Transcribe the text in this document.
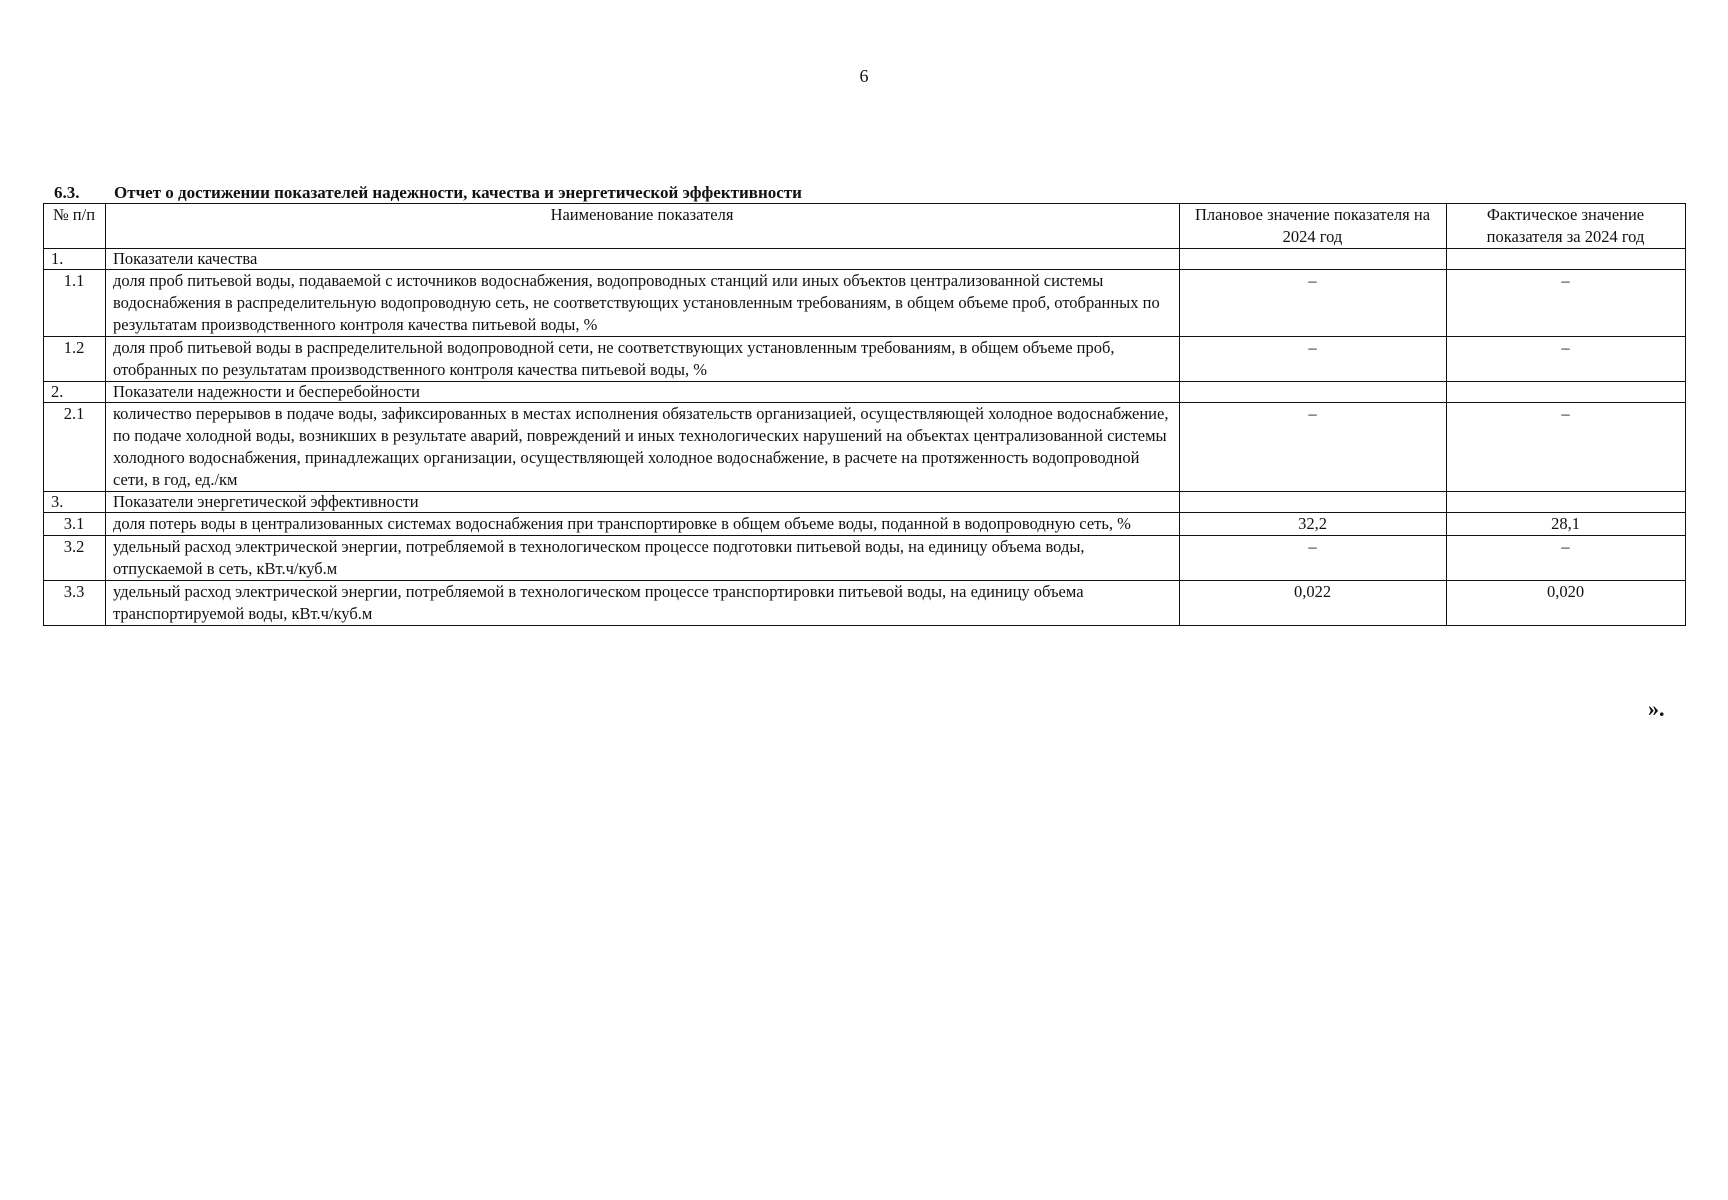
6
6.3. Отчет о достижении показателей надежности, качества и энергетической эффективности
№ п/п	Наименование показателя	Плановое значение показателя на 2024 год	Фактическое значение показателя за 2024 год
1.	Показатели качества		
1.1	доля проб питьевой воды, подаваемой с источников водоснабжения, водопроводных станций или иных объектов централизованной системы водоснабжения в распределительную водопроводную сеть, не соответствующих установленным требованиям, в общем объеме проб, отобранных по результатам производственного контроля качества питьевой воды, %	–	–
1.2	доля проб питьевой воды в распределительной водопроводной сети, не соответствующих установленным требованиям, в общем объеме проб, отобранных по результатам производственного контроля качества питьевой воды, %	–	–
2.	Показатели надежности и бесперебойности		
2.1	количество перерывов в подаче воды, зафиксированных в местах исполнения обязательств организацией, осуществляющей холодное водоснабжение, по подаче холодной воды, возникших в результате аварий, повреждений и иных технологических нарушений на объектах централизованной системы холодного водоснабжения, принадлежащих организации, осуществляющей холодное водоснабжение, в расчете на протяженность водопроводной сети, в год, ед./км	–	–
3.	Показатели энергетической эффективности		
3.1	доля потерь воды в централизованных системах водоснабжения при транспортировке в общем объеме воды, поданной в водопроводную сеть, %	32,2	28,1
3.2	удельный расход электрической энергии, потребляемой в технологическом процессе подготовки питьевой воды, на единицу объема воды, отпускаемой в сеть, кВт.ч/куб.м	–	–
3.3	удельный расход электрической энергии, потребляемой в технологическом процессе транспортировки питьевой воды, на единицу объема транспортируемой воды, кВт.ч/куб.м	0,022	0,020
».
